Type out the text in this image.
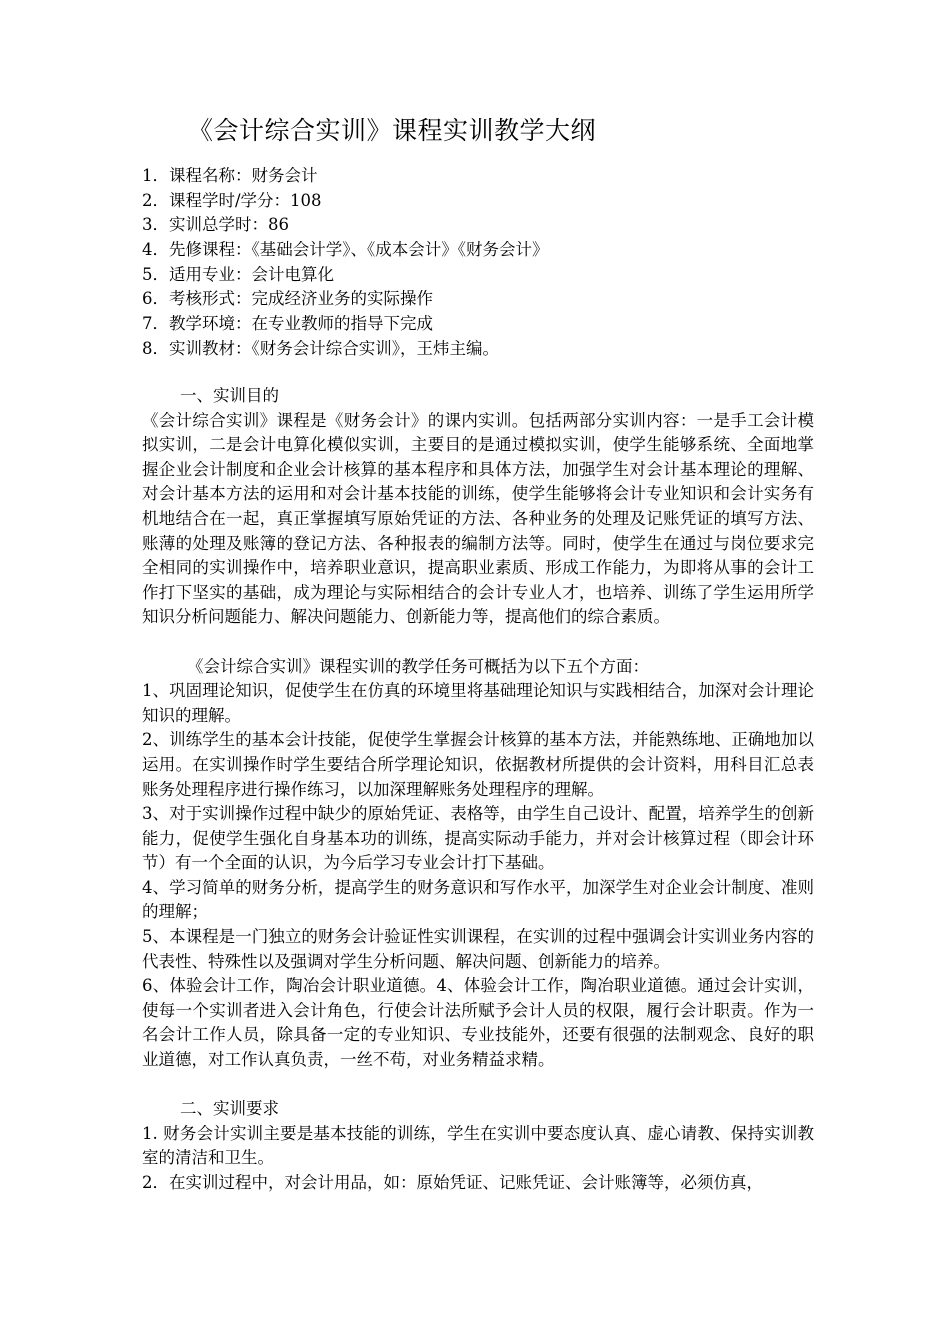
《会计综合实训》课程实训教学大纲
1．课程名称：财务会计
2．课程学时/学分：108
3．实训总学时：86
4．先修课程：《基础会计学》、《成本会计》《财务会计》
5．适用专业：会计电算化
6．考核形式：完成经济业务的实际操作
7．教学环境：在专业教师的指导下完成
8．实训教材：《财务会计综合实训》，王炜主编。
一、实训目的

《会计综合实训》课程是《财务会计》的课内实训。包括两部分实训内容：一是手工会计模拟实训，二是会计电算化模似实训，主要目的是通过模拟实训，使学生能够系统、全面地掌握企业会计制度和企业会计核算的基本程序和具体方法，加强学生对会计基本理论的理解、对会计基本方法的运用和对会计基本技能的训练，使学生能够将会计专业知识和会计实务有机地结合在一起，真正掌握填写原始凭证的方法、各种业务的处理及记账凭证的填写方法、账薄的处理及账簿的登记方法、各种报表的编制方法等。同时，使学生在通过与岗位要求完全相同的实训操作中，培养职业意识，提高职业素质、形成工作能力，为即将从事的会计工作打下坚实的基础，成为理论与实际相结合的会计专业人才，也培养、训练了学生运用所学知识分析问题能力、解决问题能力、创新能力等，提高他们的综合素质。

《会计综合实训》课程实训的教学任务可概括为以下五个方面：

1、巩固理论知识，促使学生在仿真的环境里将基础理论知识与实践相结合，加深对会计理论知识的理解。

2、训练学生的基本会计技能，促使学生掌握会计核算的基本方法，并能熟练地、正确地加以运用。在实训操作时学生要结合所学理论知识，依据教材所提供的会计资料，用科目汇总表账务处理程序进行操作练习，以加深理解账务处理程序的理解。

3、对于实训操作过程中缺少的原始凭证、表格等，由学生自己设计、配置，培养学生的创新能力，促使学生强化自身基本功的训练，提高实际动手能力，并对会计核算过程（即会计环节）有一个全面的认识，为今后学习专业会计打下基础。

4、学习简单的财务分析，提高学生的财务意识和写作水平，加深学生对企业会计制度、准则的理解；

5、本课程是一门独立的财务会计验证性实训课程，在实训的过程中强调会计实训业务内容的代表性、特殊性以及强调对学生分析问题、解决问题、创新能力的培养。

6、体验会计工作，陶冶会计职业道德。4、体验会计工作，陶冶职业道德。通过会计实训，使每一个实训者进入会计角色，行使会计法所赋予会计人员的权限，履行会计职责。作为一名会计工作人员，除具备一定的专业知识、专业技能外，还要有很强的法制观念、良好的职业道德，对工作认真负责，一丝不苟，对业务精益求精。

二、实训要求

1. 财务会计实训主要是基本技能的训练，学生在实训中要态度认真、虚心请教、保持实训教室的清洁和卫生。

2．在实训过程中，对会计用品，如：原始凭证、记账凭证、会计账簿等，必须仿真，
